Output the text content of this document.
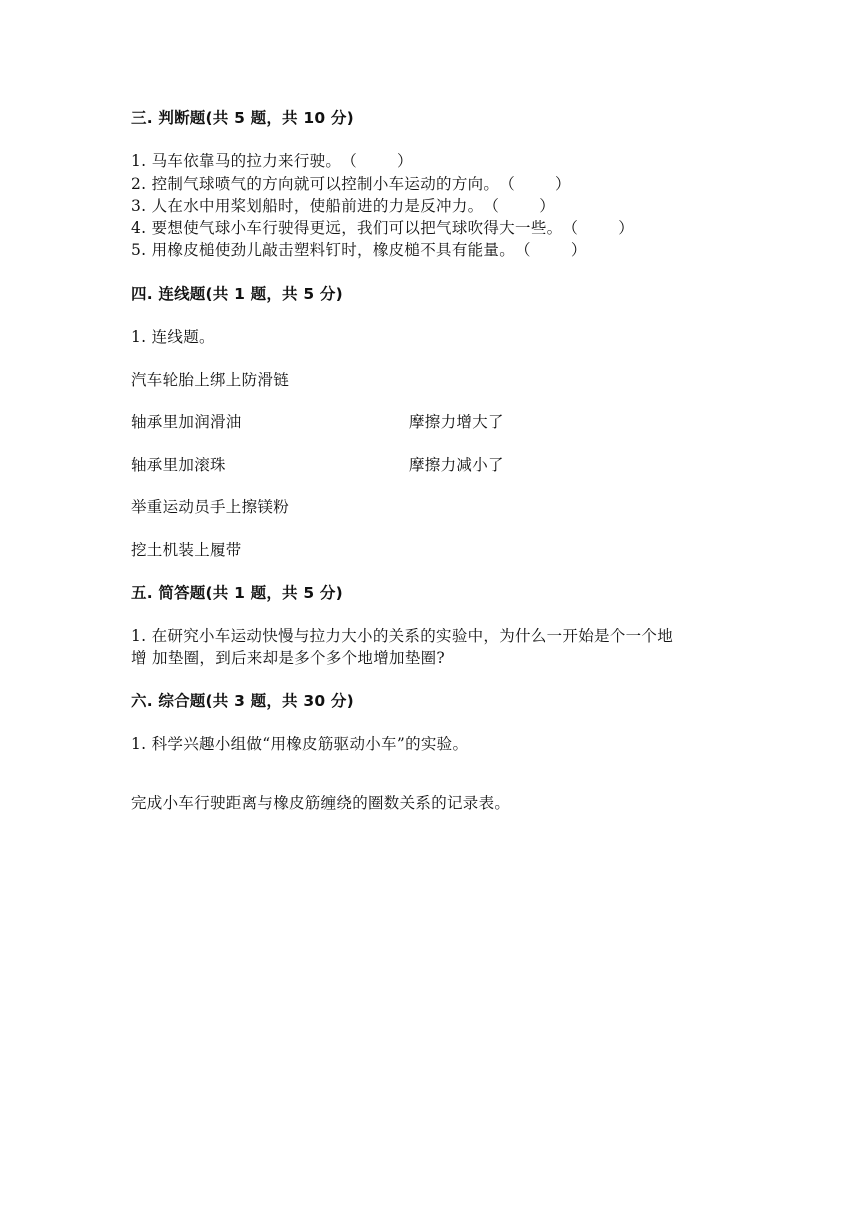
三. 判断题(共 5 题，共 10 分)
1. 马车依靠马的拉力来行驶。（	）
2. 控制气球喷气的方向就可以控制小车运动的方向。（	）
3. 人在水中用桨划船时，使船前进的力是反冲力。（	）
4. 要想使气球小车行驶得更远，我们可以把气球吹得大一些。（	）
5. 用橡皮槌使劲儿敲击塑料钉时，橡皮槌不具有能量。（	）
四. 连线题(共 1 题，共 5 分)
1. 连线题。
汽车轮胎上绑上防滑链
轴承里加润滑油	摩擦力增大了
轴承里加滚珠	摩擦力减小了
举重运动员手上擦镁粉
挖土机装上履带
五. 简答题(共 1 题，共 5 分)
1. 在研究小车运动快慢与拉力大小的关系的实验中，为什么一开始是个一个地
增 加垫圈，到后来却是多个多个地增加垫圈?
六. 综合题(共 3 题，共 30 分)
1. 科学兴趣小组做“用橡皮筋驱动小车”的实验。
完成小车行驶距离与橡皮筋缠绕的圈数关系的记录表。
